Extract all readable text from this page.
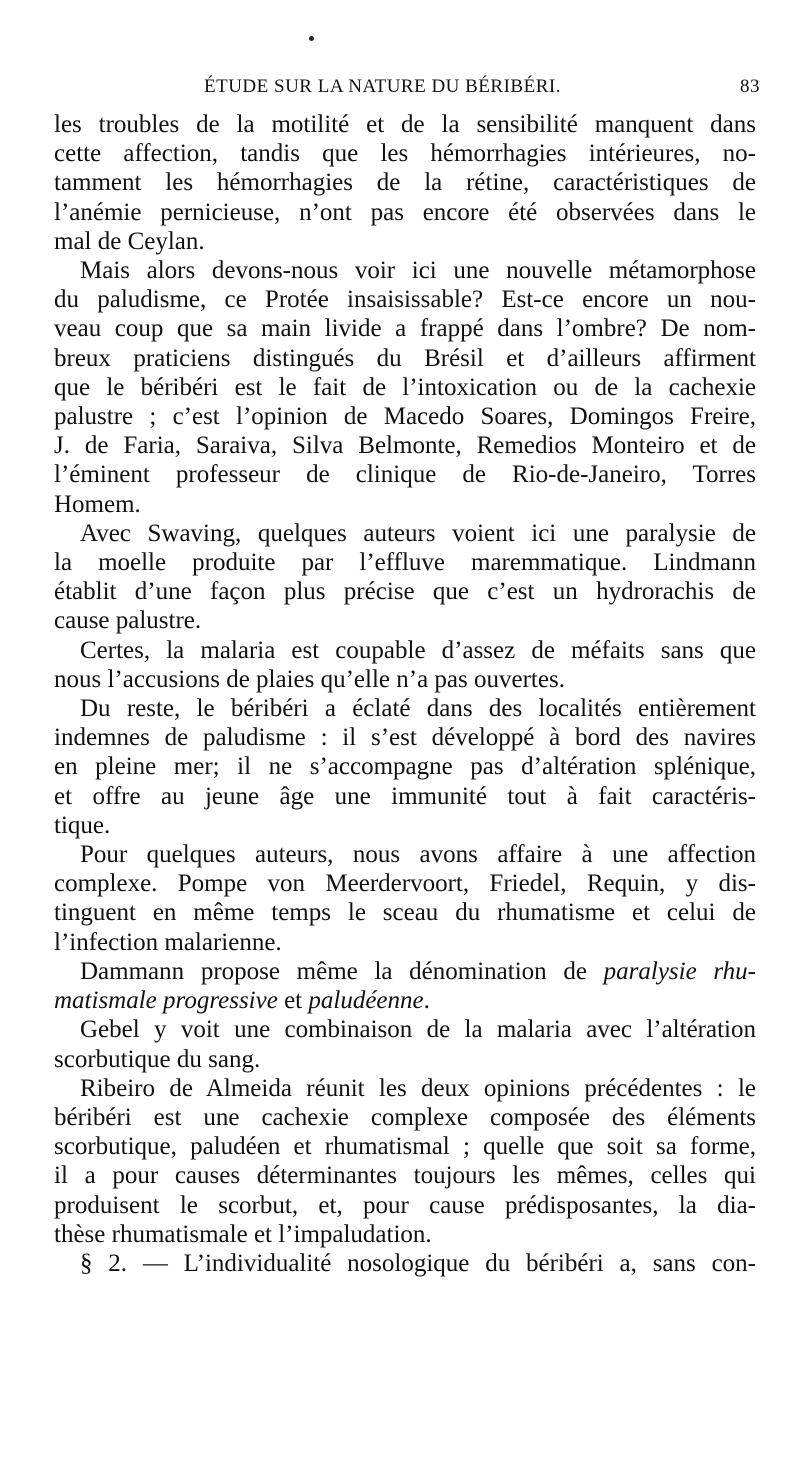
ÉTUDE SUR LA NATURE DU BÉRIBÉRI.	83

les troubles de la motilité et de la sensibilité manquent dans

cette affection, tandis que les hémorrhagies intérieures, no-

tamment les hémorrhagies de la rétine, caractéristiques de

l’anémie pernicieuse, n’ont pas encore été observées dans le

mal de Ceylan.

Mais alors devons-nous voir ici une nouvelle métamorphose

du paludisme, ce Protée insaisissable? Est-ce encore un nou-

veau coup que sa main livide a frappé dans l’ombre? De nom-

breux praticiens distingués du Brésil et d’ailleurs affirment

que le béribéri est le fait de l’intoxication ou de la cachexie

palustre ; c’est l’opinion de Macedo Soares, Domingos Freire,

J. de Faria, Saraiva, Silva Belmonte, Remedios Monteiro et de

l’éminent professeur de clinique de Rio-de-Janeiro, Torres

Homem.

Avec Swaving, quelques auteurs voient ici une paralysie de

la moelle produite par l’effluve maremmatique. Lindmann

établit d’une façon plus précise que c’est un hydrorachis de

cause palustre.

Certes, la malaria est coupable d’assez de méfaits sans que

nous l’accusions de plaies qu’elle n’a pas ouvertes.

Du reste, le béribéri a éclaté dans des localités entièrement

indemnes de paludisme : il s’est développé à bord des navires

en pleine mer; il ne s’accompagne pas d’altération splénique,

et offre au jeune âge une immunité tout à fait caractéris-

tique.

Pour quelques auteurs, nous avons affaire à une affection

complexe. Pompe von Meerdervoort, Friedel, Requin, y dis-

tinguent en même temps le sceau du rhumatisme et celui de

l’infection malarienne.

Dammann propose même la dénomination de paralysie rhu-

matismale progressive et paludéenne.

Gebel y voit une combinaison de la malaria avec l’altération

scorbutique du sang.

Ribeiro de Almeida réunit les deux opinions précédentes : le

béribéri est une cachexie complexe composée des éléments

scorbutique, paludéen et rhumatismal ; quelle que soit sa forme,

il a pour causes déterminantes toujours les mêmes, celles qui

produisent le scorbut, et, pour cause prédisposantes, la dia-

thèse rhumatismale et l’impaludation.

§ 2. — L’individualité nosologique du béribéri a, sans con-
